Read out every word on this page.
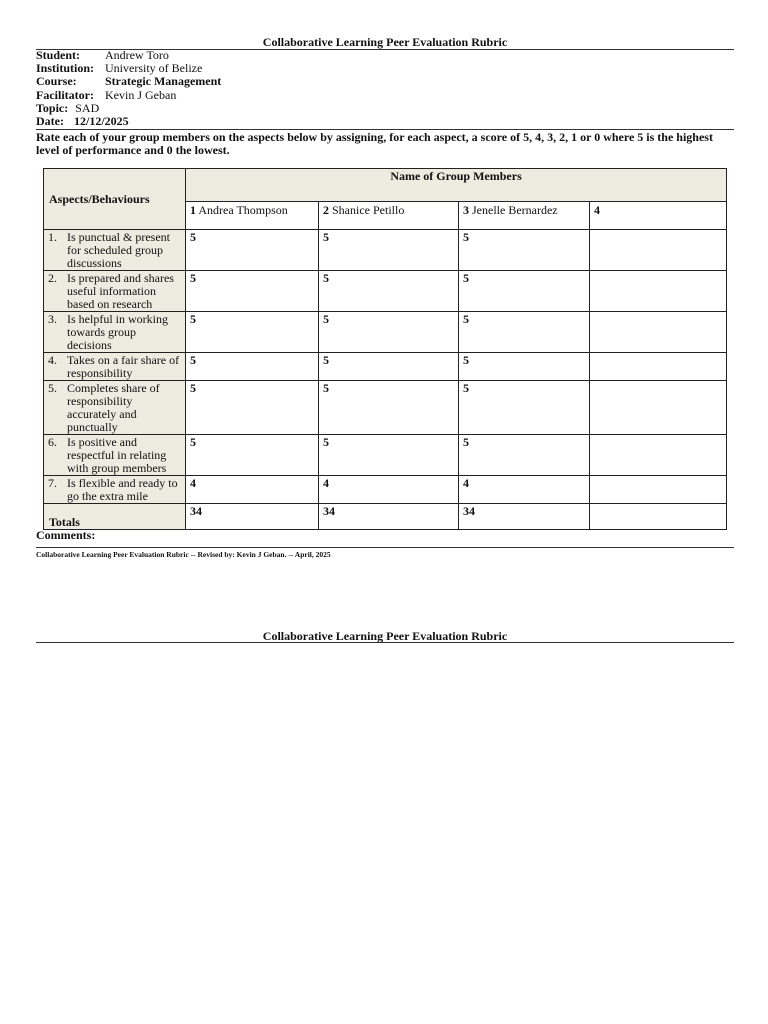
Collaborative Learning Peer Evaluation Rubric
Student:	Andrew Toro
Institution: University of Belize
Course:	Strategic Management
Facilitator: Kevin J Geban
Topic: SAD
Date: 12/12/2025
Rate each of your group members on the aspects below by assigning, for each aspect, a score of 5, 4, 3, 2, 1 or 0 where 5 is the highest level of performance and 0 the lowest.
Aspects/Behaviours	Name of Group Members			
	1 Andrea Thompson	2 Shanice Petillo	3 Jenelle Bernardez	4

1. Is punctual & present for scheduled group discussions	5	5	5	

2. Is prepared and shares useful information based on research	5	5	5	

3. Is helpful in working towards group decisions	5	5	5	

4. Takes on a fair share of responsibility	5	5	5	

5. Completes share of responsibility accurately and punctually	5	5	5	

6. Is positive and respectful in relating with group members	5	5	5	

7. Is flexible and ready to go the extra mile	4	4	4	
Totals	34	34	34	
Comments:
Collaborative Learning Peer Evaluation Rubric -- Revised by: Kevin J Geban. -- April, 2025
Collaborative Learning Peer Evaluation Rubric
